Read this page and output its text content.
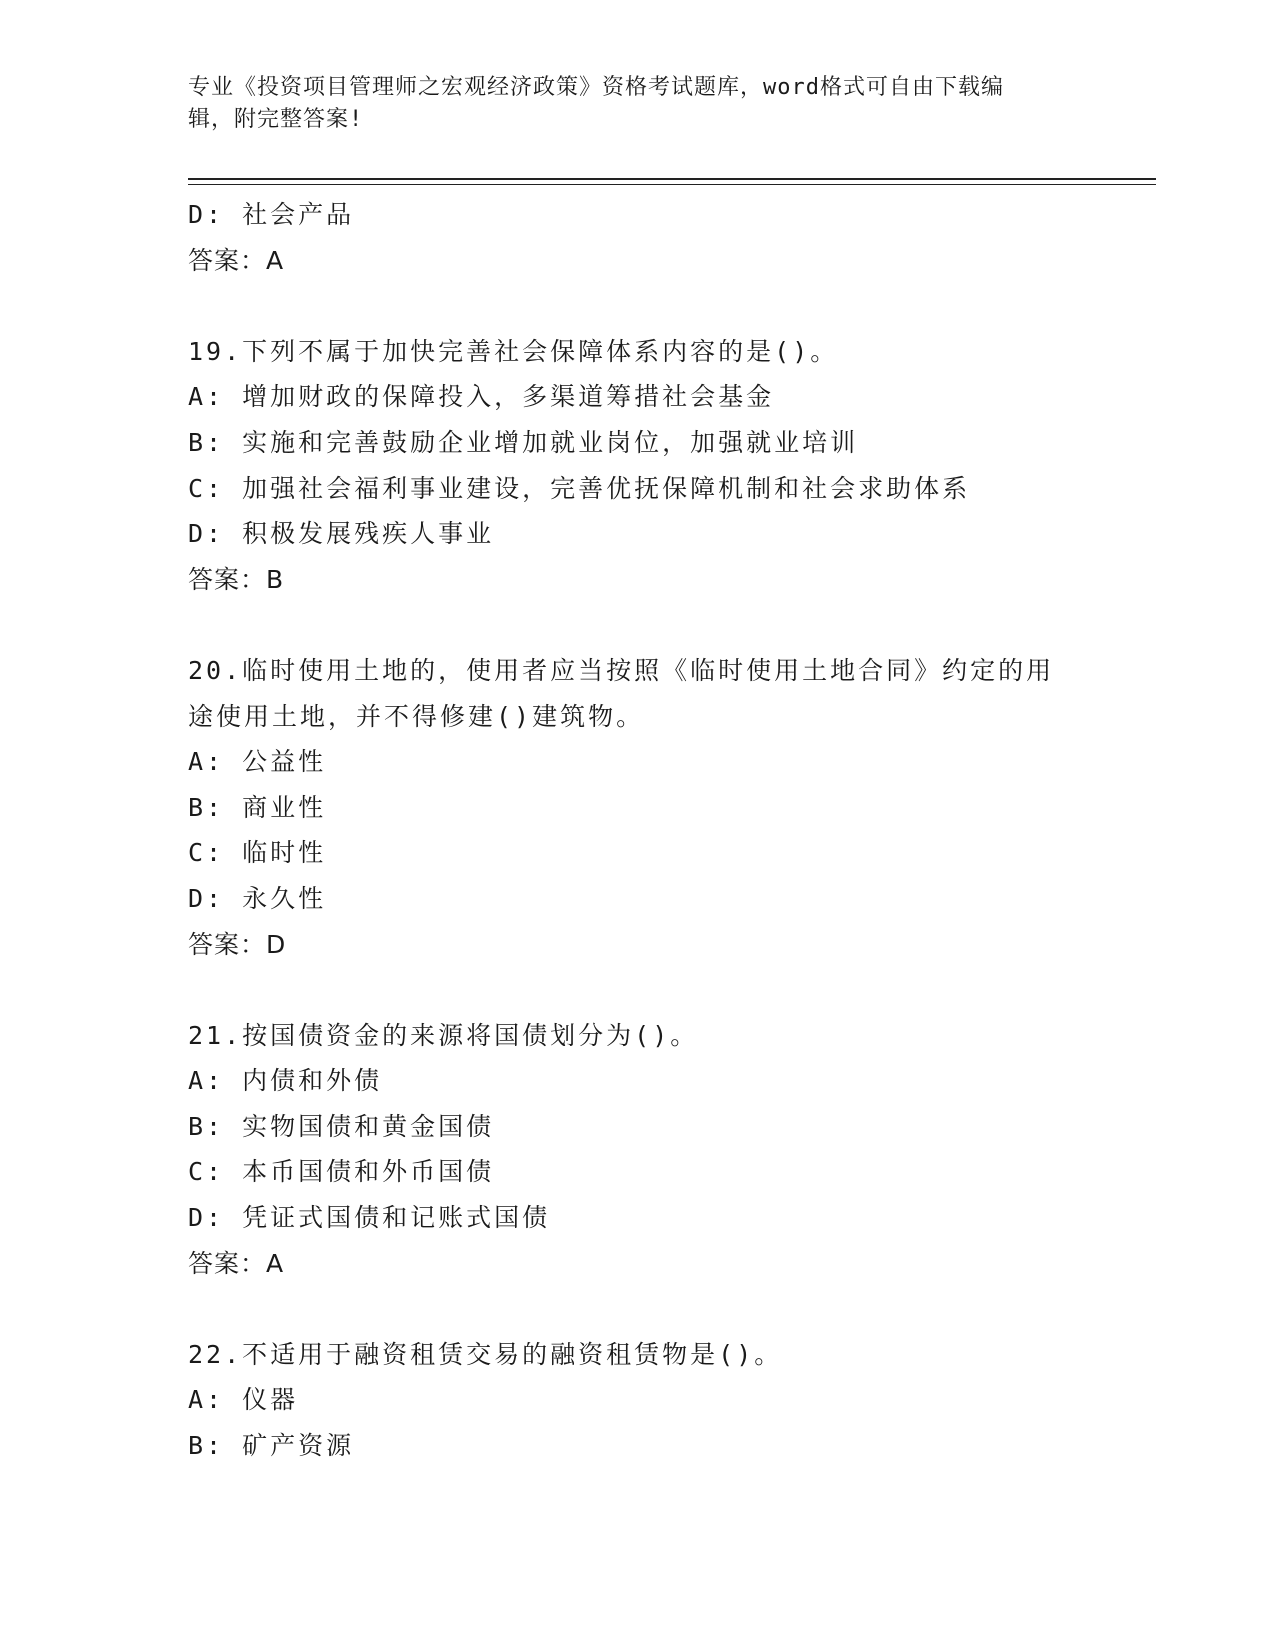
专业《投资项目管理师之宏观经济政策》资格考试题库，word格式可自由下载编
辑，附完整答案!
D: 社会产品
答案：A
19.下列不属于加快完善社会保障体系内容的是()。
A: 增加财政的保障投入，多渠道筹措社会基金
B: 实施和完善鼓励企业增加就业岗位，加强就业培训
C: 加强社会福利事业建设，完善优抚保障机制和社会求助体系
D: 积极发展残疾人事业
答案：B
20.临时使用土地的，使用者应当按照《临时使用土地合同》约定的用
途使用土地，并不得修建()建筑物。
A: 公益性
B: 商业性
C: 临时性
D: 永久性
答案：D
21.按国债资金的来源将国债划分为()。
A: 内债和外债
B: 实物国债和黄金国债
C: 本币国债和外币国债
D: 凭证式国债和记账式国债
答案：A
22.不适用于融资租赁交易的融资租赁物是()。
A: 仪器
B: 矿产资源
